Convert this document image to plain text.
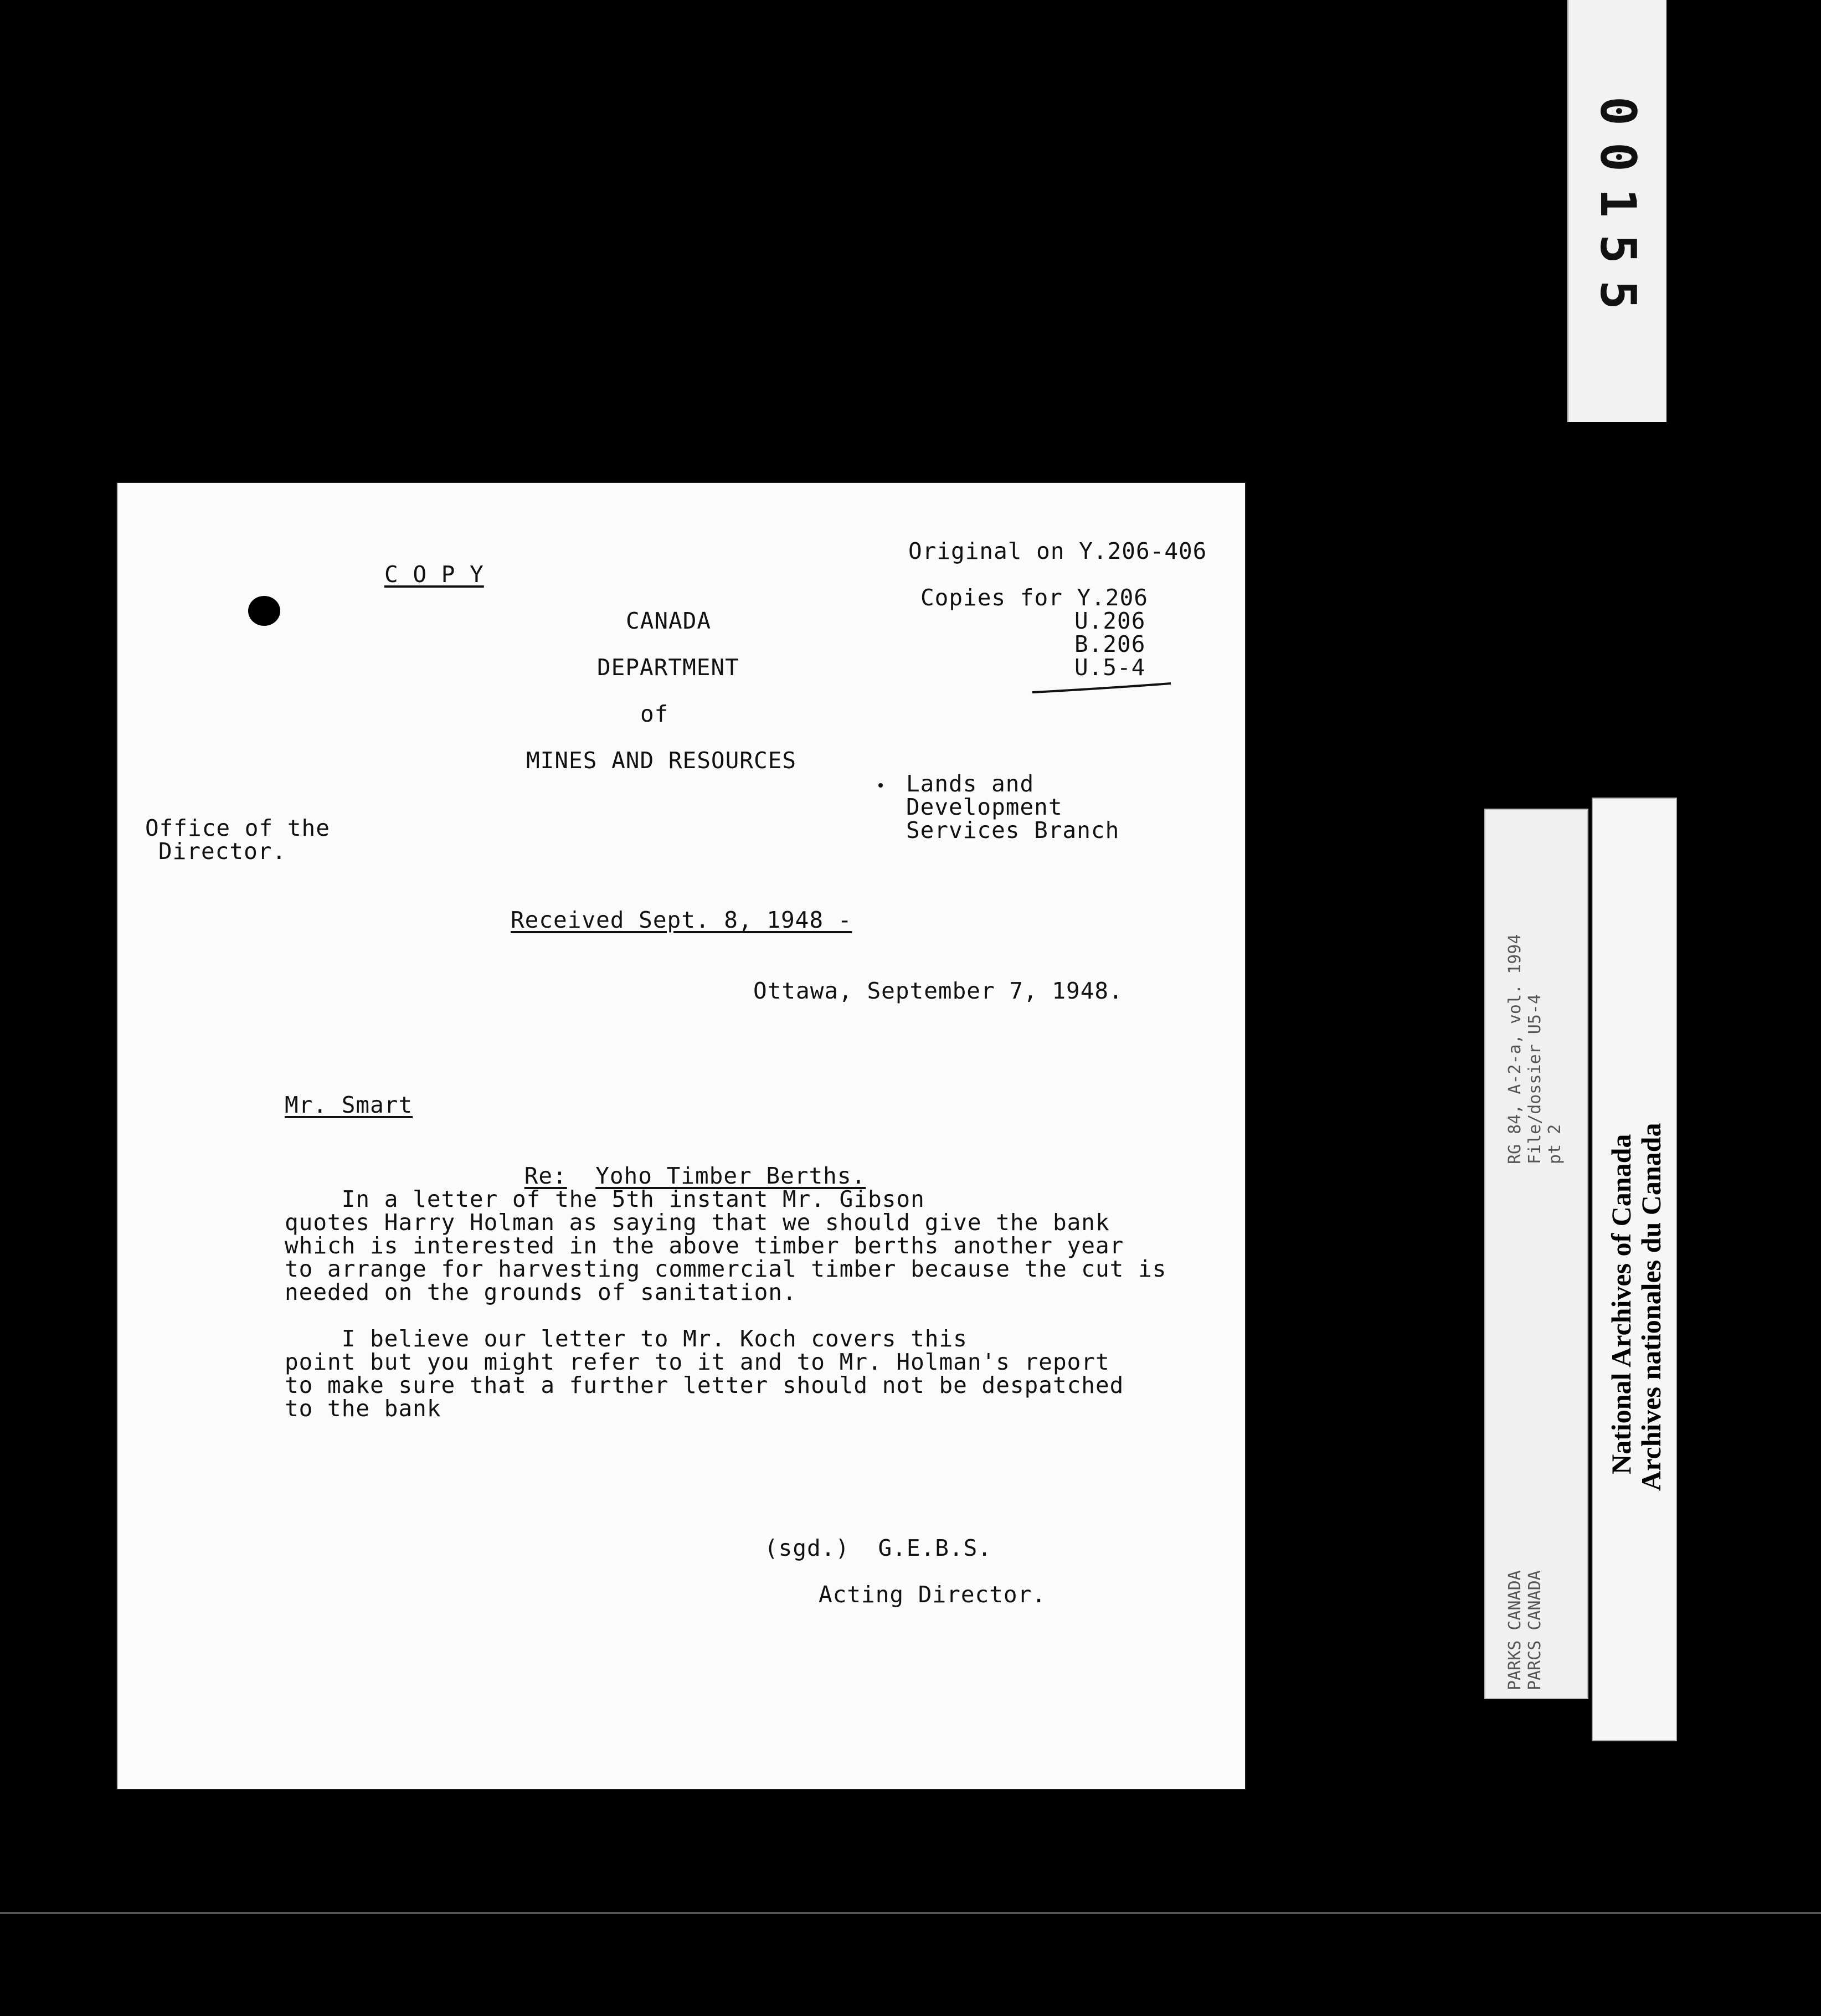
00155
C O P Y
Original on Y.206-406
Copies for Y.206
U.206
B.206
U.5-4
CANADA
DEPARTMENT
of
MINES AND RESOURCES
Lands and
Development
Services Branch
Office of the
Director.
Received Sept. 8, 1948 -
Ottawa, September 7, 1948.
Mr. Smart

Re: Yoho Timber Berths.

In a letter of the 5th instant Mr. Gibson
quotes Harry Holman as saying that we should give the bank
which is interested in the above timber berths another year
to arrange for harvesting commercial timber because the cut is
needed on the grounds of sanitation.
I believe our letter to Mr. Koch covers this
point but you might refer to it and to Mr. Holman's report
to make sure that a further letter should not be despatched
to the bank
(sgd.)  G.E.B.S.
Acting Director.
RG 84, A-2-a, vol. 1994 File/dossier U5-4 pt 2
PARKS CANADA PARCS CANADA
National Archives of Canada
Archives nationales du Canada
